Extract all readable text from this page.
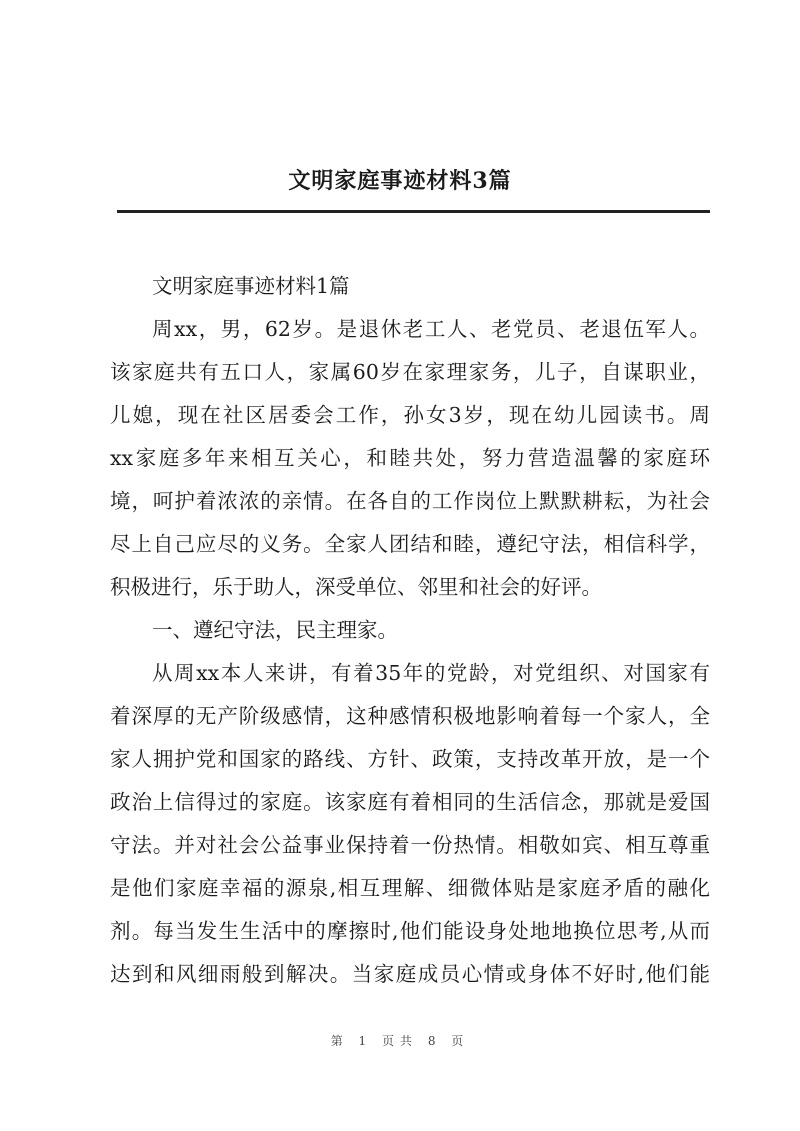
文明家庭事迹材料3篇
文明家庭事迹材料1篇
周xx，男，62岁。是退休老工人、老党员、老退伍军人。
该家庭共有五口人，家属60岁在家理家务，儿子，自谋职业，
儿媳，现在社区居委会工作，孙女3岁，现在幼儿园读书。周
xx家庭多年来相互关心，和睦共处，努力营造温馨的家庭环
境，呵护着浓浓的亲情。在各自的工作岗位上默默耕耘，为社会
尽上自己应尽的义务。全家人团结和睦，遵纪守法，相信科学，
积极进行，乐于助人，深受单位、邻里和社会的好评。
一、遵纪守法，民主理家。
从周xx本人来讲，有着35年的党龄，对党组织、对国家有
着深厚的无产阶级感情，这种感情积极地影响着每一个家人，全
家人拥护党和国家的路线、方针、政策，支持改革开放，是一个
政治上信得过的家庭。该家庭有着相同的生活信念，那就是爱国
守法。并对社会公益事业保持着一份热情。相敬如宾、相互尊重
是他们家庭幸福的源泉,相互理解、细微体贴是家庭矛盾的融化
剂。每当发生生活中的摩擦时,他们能设身处地地换位思考,从而
达到和风细雨般到解决。当家庭成员心情或身体不好时,他们能
第 1 页共 8 页
